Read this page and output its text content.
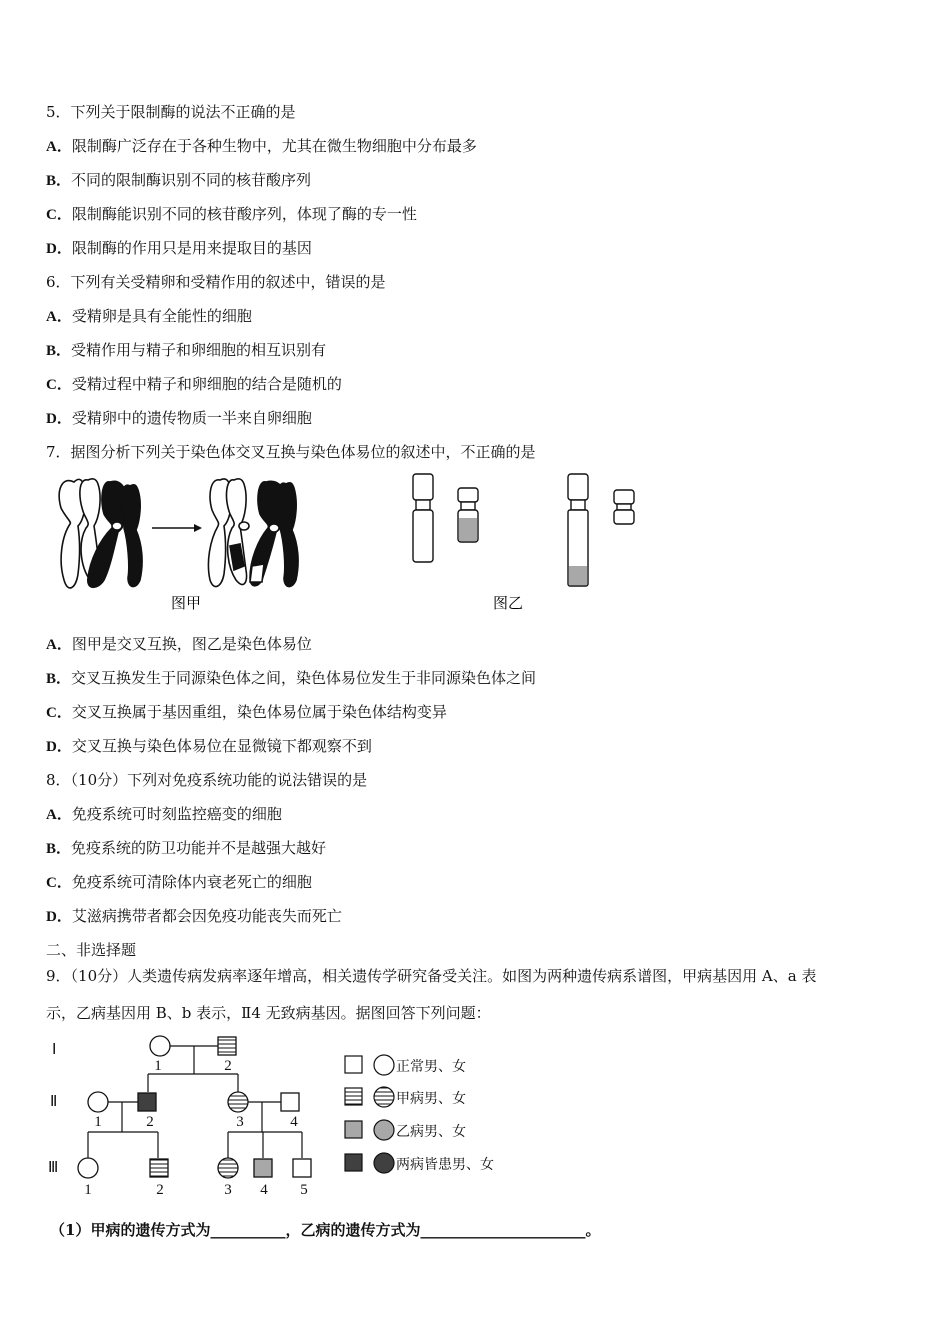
5．下列关于限制酶的说法不正确的是
A．限制酶广泛存在于各种生物中，尤其在微生物细胞中分布最多
B．不同的限制酶识别不同的核苷酸序列
C．限制酶能识别不同的核苷酸序列，体现了酶的专一性
D．限制酶的作用只是用来提取目的基因
6．下列有关受精卵和受精作用的叙述中，错误的是
A．受精卵是具有全能性的细胞
B．受精作用与精子和卵细胞的相互识别有
C．受精过程中精子和卵细胞的结合是随机的
D．受精卵中的遗传物质一半来自卵细胞
7．据图分析下列关于染色体交叉互换与染色体易位的叙述中，不正确的是
图甲	图乙
A．图甲是交叉互换，图乙是染色体易位
B．交叉互换发生于同源染色体之间，染色体易位发生于非同源染色体之间
C．交叉互换属于基因重组，染色体易位属于染色体结构变异
D．交叉互换与染色体易位在显微镜下都观察不到
8．（10分）下列对免疫系统功能的说法错误的是
A．免疫系统可时刻监控癌变的细胞
B．免疫系统的防卫功能并不是越强大越好
C．免疫系统可清除体内衰老死亡的细胞
D．艾滋病携带者都会因免疫功能丧失而死亡
二、非选择题
9．（10分）人类遗传病发病率逐年增高，相关遗传学研究备受关注。如图为两种遗传病系谱图，甲病基因用 A、a 表
示，乙病基因用 B、b 表示，Ⅱ4 无致病基因。据图回答下列问题：
Ⅰ
Ⅱ
Ⅲ
1	2
1	2	3	4
1	2	3 4 5
正常男、女
甲病男、女
乙病男、女
两病皆患男、女
（1）甲病的遗传方式为__________，乙病的遗传方式为______________________。
